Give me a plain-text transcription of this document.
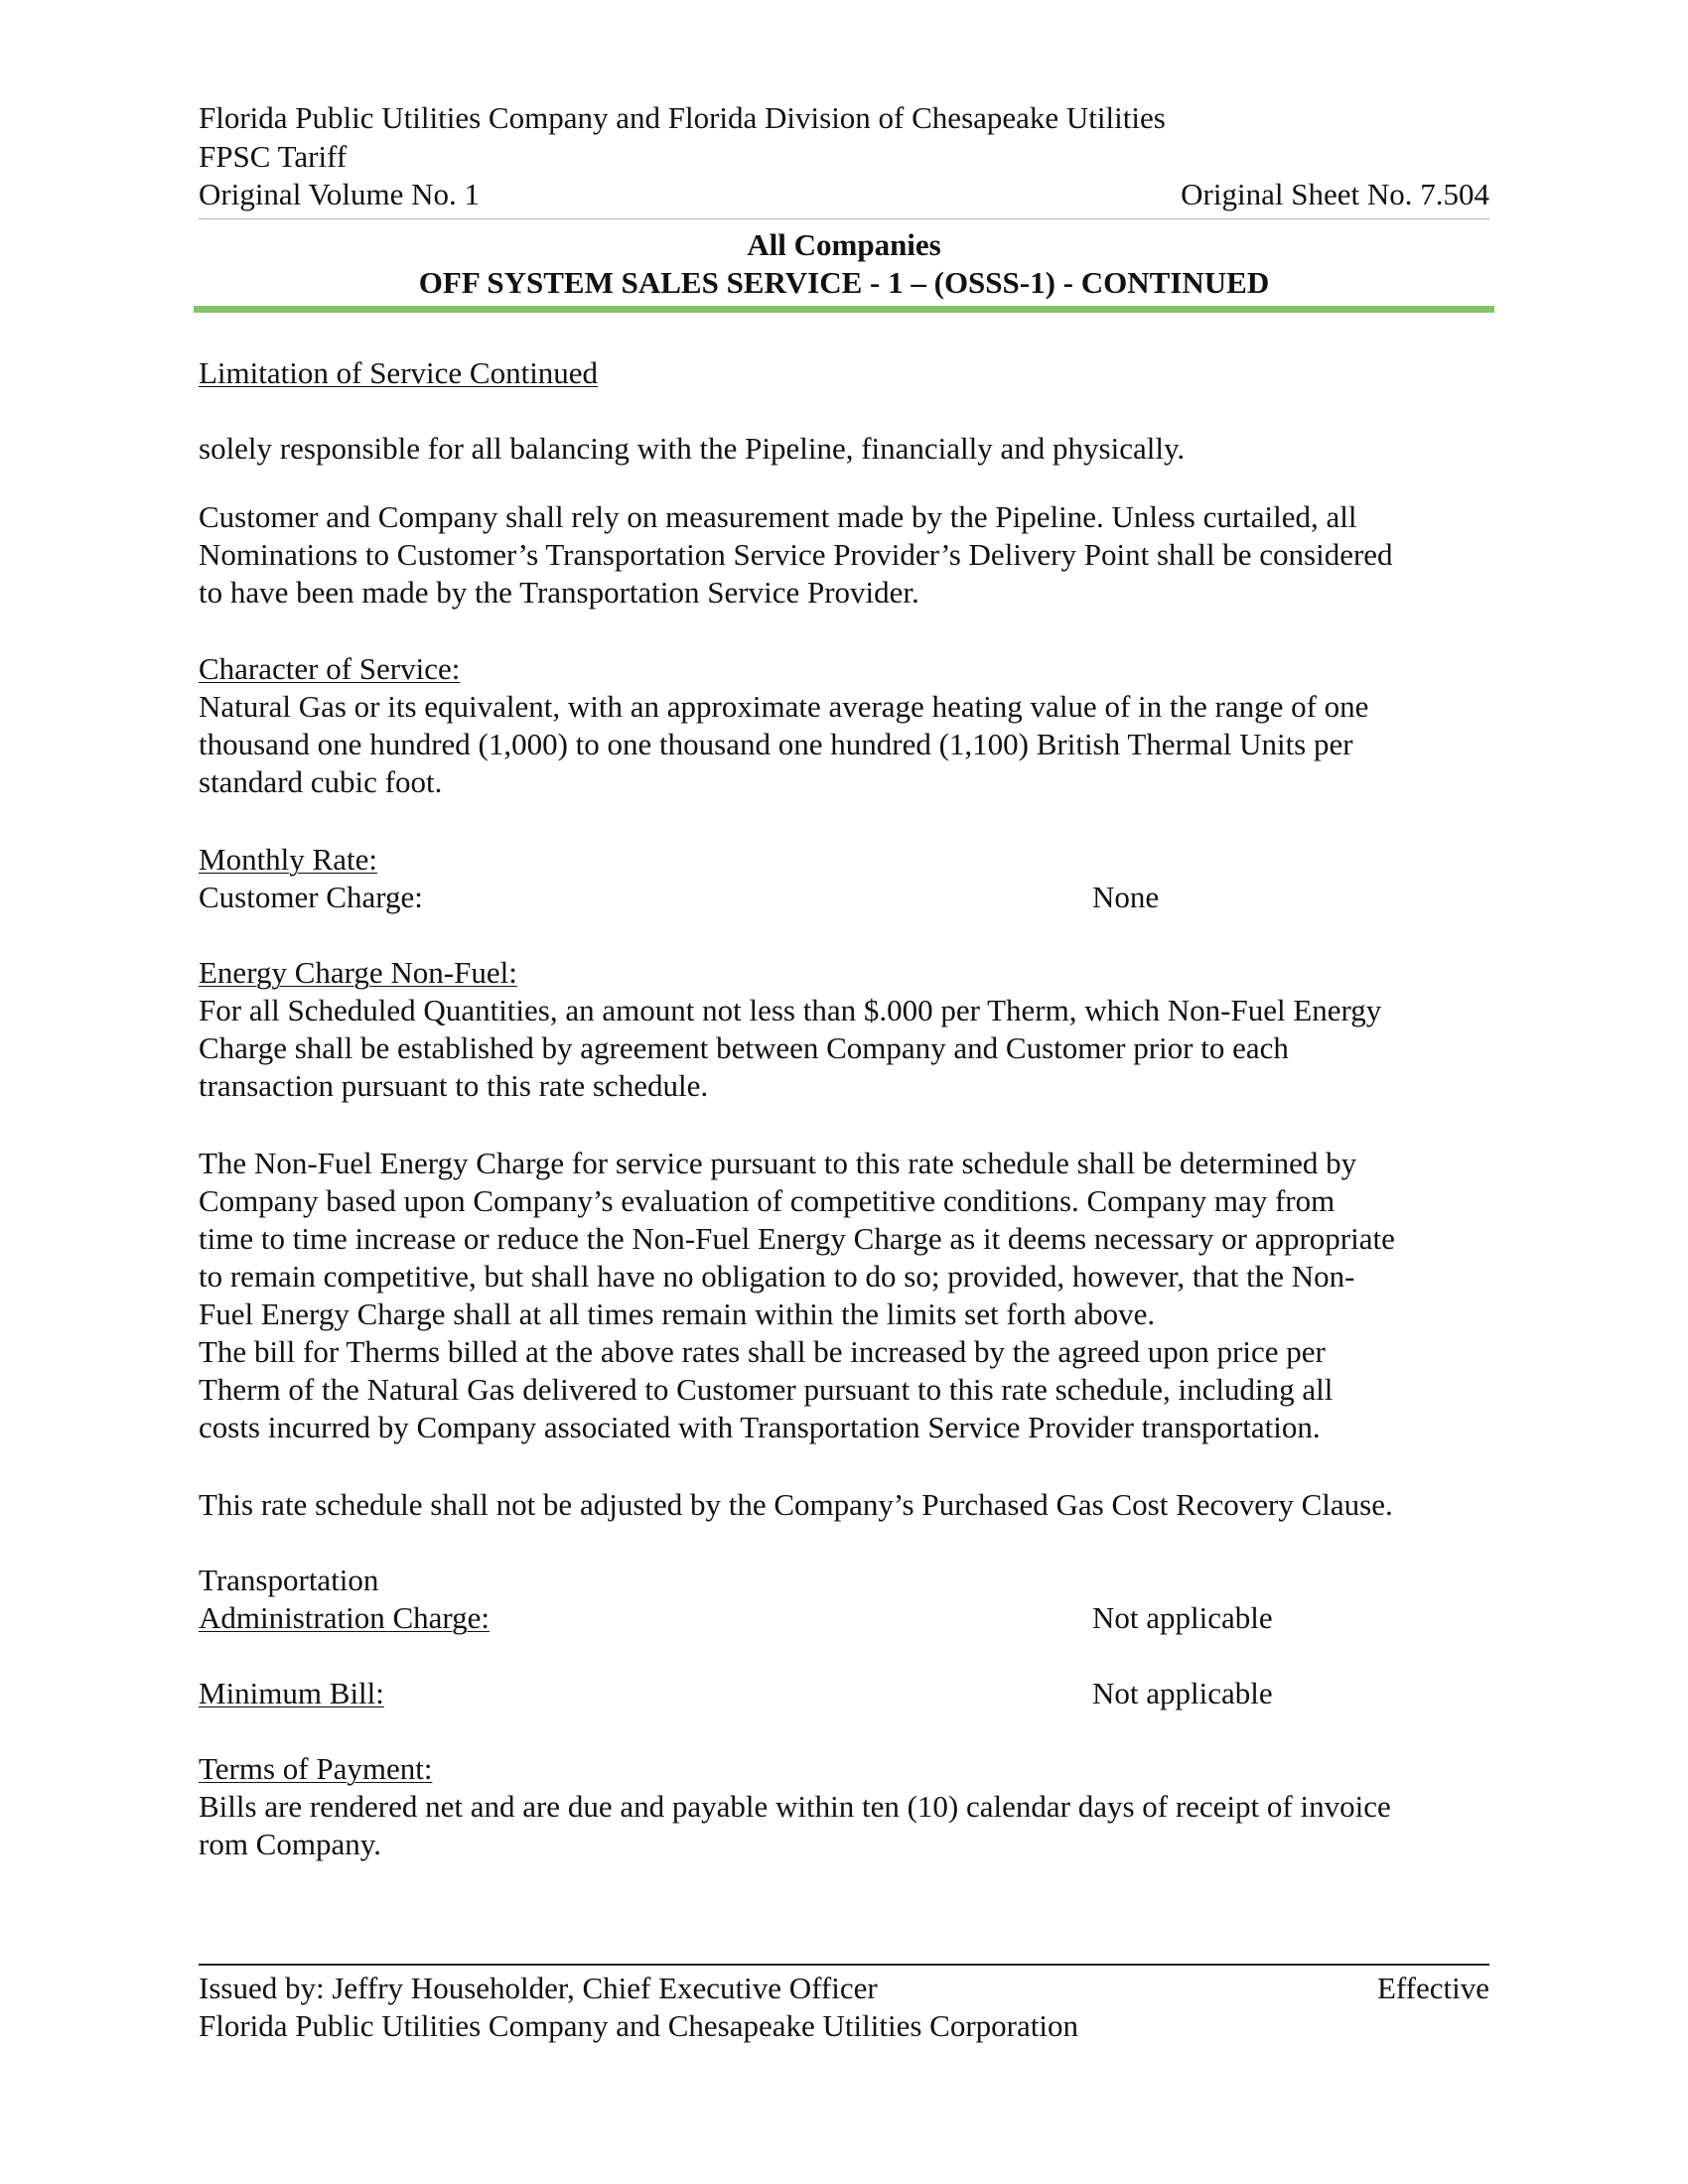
Florida Public Utilities Company and Florida Division of Chesapeake Utilities
FPSC Tariff
Original Volume No. 1	Original Sheet No. 7.504
All Companies
OFF SYSTEM SALES SERVICE - 1 – (OSSS-1) - CONTINUED
Limitation of Service Continued
solely responsible for all balancing with the Pipeline, financially and physically.
Customer and Company shall rely on measurement made by the Pipeline. Unless curtailed, all
Nominations to Customer’s Transportation Service Provider’s Delivery Point shall be considered
to have been made by the Transportation Service Provider.
Character of Service:
Natural Gas or its equivalent, with an approximate average heating value of in the range of one
thousand one hundred (1,000) to one thousand one hundred (1,100) British Thermal Units per
standard cubic foot.
Monthly Rate:
Customer Charge:	None
Energy Charge Non-Fuel:
For all Scheduled Quantities, an amount not less than $.000 per Therm, which Non-Fuel Energy
Charge shall be established by agreement between Company and Customer prior to each
transaction pursuant to this rate schedule.
The Non-Fuel Energy Charge for service pursuant to this rate schedule shall be determined by
Company based upon Company’s evaluation of competitive conditions. Company may from
time to time increase or reduce the Non-Fuel Energy Charge as it deems necessary or appropriate
to remain competitive, but shall have no obligation to do so; provided, however, that the Non-
Fuel Energy Charge shall at all times remain within the limits set forth above.
The bill for Therms billed at the above rates shall be increased by the agreed upon price per
Therm of the Natural Gas delivered to Customer pursuant to this rate schedule, including all
costs incurred by Company associated with Transportation Service Provider transportation.
This rate schedule shall not be adjusted by the Company’s Purchased Gas Cost Recovery Clause.
Transportation
Administration Charge:	Not applicable
Minimum Bill:	Not applicable
Terms of Payment:
Bills are rendered net and are due and payable within ten (10) calendar days of receipt of invoice
rom Company.
Issued by: Jeffry Householder, Chief Executive Officer	Effective
Florida Public Utilities Company and Chesapeake Utilities Corporation
